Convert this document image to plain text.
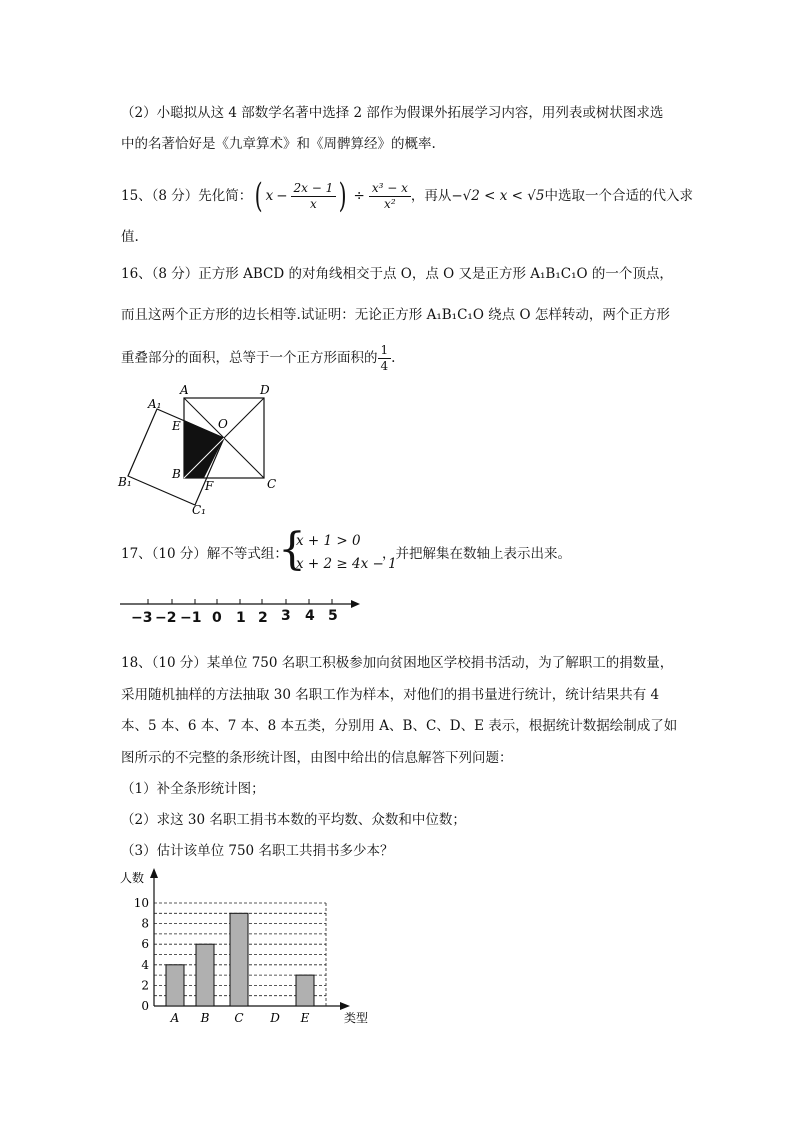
（2）小聪拟从这 4 部数学名著中选择 2 部作为假课外拓展学习内容，用列表或树状图求选
中的名著恰好是《九章算术》和《周髀算经》的概率.
15、（8 分）先化简： ( $x - \frac{2x - 1}{x}$ ) ÷ $\frac{\text{x³ − x}}{\text{x²}}$ ，再从 −√2 < x < √5 中选取一个合适的代入求
值.
16、（8 分）正方形 ABCD 的对角线相交于点 O，点 O 又是正方形 A₁B₁C₁O 的一个顶点，
而且这两个正方形的边长相等.试证明：无论正方形 A₁B₁C₁O 绕点 O 怎样转动，两个正方形
重叠部分的面积，总等于一个正方形面积的 $\frac{1}{4}$ .
A	D
A₁
E	O
B
C
F
B₁
C₁
17、（10 分）解不等式组：
{
x + 1 > 0
x + 2 ≥ 4x − 1
，并把解集在数轴上表示出来。
−3 −2 −1 0 1 2 3 4 5
18、（10 分）某单位 750 名职工积极参加向贫困地区学校捐书活动，为了解职工的捐数量，
采用随机抽样的方法抽取 30 名职工作为样本，对他们的捐书量进行统计，统计结果共有 4
本、5 本、6 本、7 本、8 本五类，分别用 A、B、C、D、E 表示，根据统计数据绘制成了如
图所示的不完整的条形统计图，由图中给出的信息解答下列问题：
（1）补全条形统计图；
（2）求这 30 名职工捐书本数的平均数、众数和中位数；
（3）估计该单位 750 名职工共捐书多少本？
人数
类型
0
2
4
6
8
10
A B C D E
